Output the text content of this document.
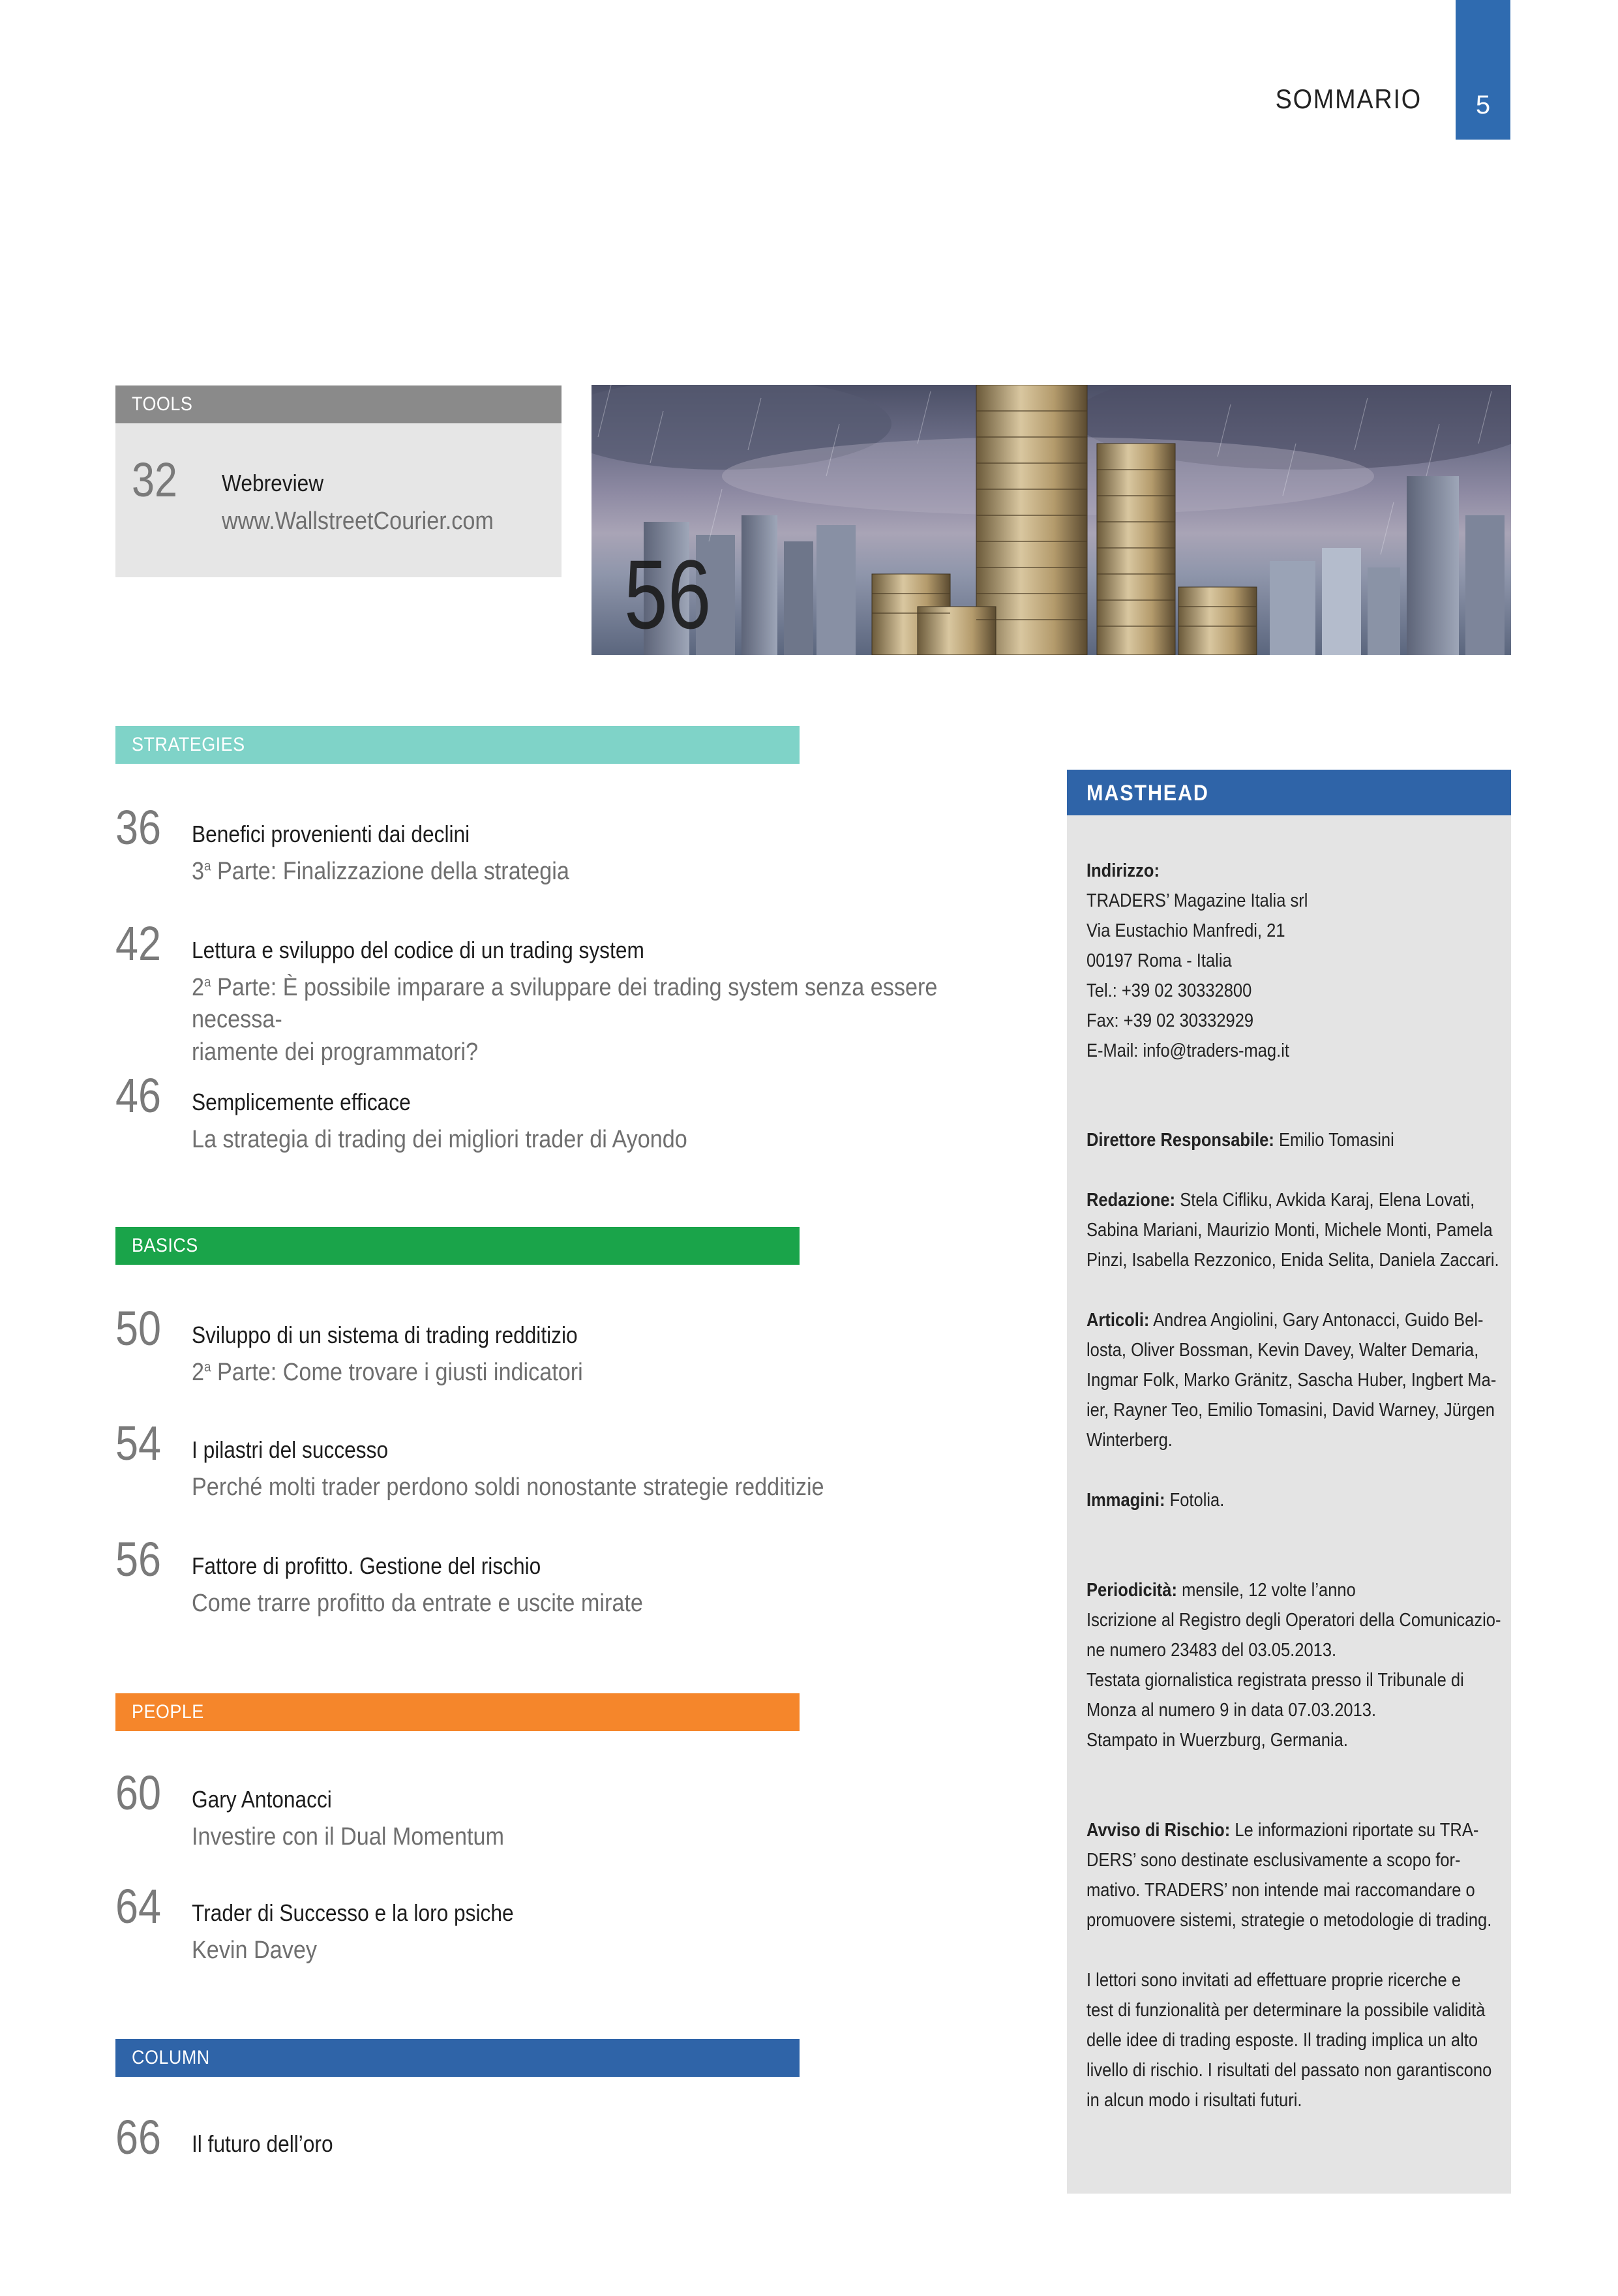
SOMMARIO	5
TOOLS
32 Webreview
www.WallstreetCourier.com
56
STRATEGIES
36 Benefici provenienti dai declini
3$^a$ Parte: Finalizzazione della strategia
42 Lettura e sviluppo del codice di un trading system
2$^a$ Parte: È possibile imparare a sviluppare dei trading system senza essere necessa-
riamente dei programmatori?
46 Semplicemente efficace
La strategia di trading dei migliori trader di Ayondo
BASICS
50 Sviluppo di un sistema di trading redditizio
2$^a$ Parte: Come trovare i giusti indicatori
54 I pilastri del successo
Perché molti trader perdono soldi nonostante strategie redditizie
56 Fattore di profitto. Gestione del rischio
Come trarre profitto da entrate e uscite mirate
PEOPLE
60 Gary Antonacci
Investire con il Dual Momentum
64 Trader di Successo e la loro psiche
Kevin Davey
COLUMN
66 Il futuro dell’oro
MASTHEAD
Indirizzo:
TRADERS’ Magazine Italia srl
Via Eustachio Manfredi, 21
00197 Roma - Italia
Tel.: +39 02 30332800
Fax: +39 02 30332929
E-Mail: info@traders-mag.it
Direttore Responsabile: Emilio Tomasini
Redazione: Stela Cifliku, Avkida Karaj, Elena Lovati,
Sabina Mariani, Maurizio Monti, Michele Monti, Pamela
Pinzi, Isabella Rezzonico, Enida Selita, Daniela Zaccari.
Articoli: Andrea Angiolini, Gary Antonacci, Guido Bel-
losta, Oliver Bossman, Kevin Davey, Walter Demaria,
Ingmar Folk, Marko Gränitz, Sascha Huber, Ingbert Ma-
ier, Rayner Teo, Emilio Tomasini, David Warney, Jürgen
Winterberg.
Immagini: Fotolia.
Periodicità: mensile, 12 volte l’anno
Iscrizione al Registro degli Operatori della Comunicazio-
ne numero 23483 del 03.05.2013.
Testata giornalistica registrata presso il Tribunale di
Monza al numero 9 in data 07.03.2013.
Stampato in Wuerzburg, Germania.
Avviso di Rischio: Le informazioni riportate su TRA-
DERS’ sono destinate esclusivamente a scopo for-
mativo. TRADERS’ non intende mai raccomandare o
promuovere sistemi, strategie o metodologie di trading.
I lettori sono invitati ad effettuare proprie ricerche e
test di funzionalità per determinare la possibile validità
delle idee di trading esposte. Il trading implica un alto
livello di rischio. I risultati del passato non garantiscono
in alcun modo i risultati futuri.
